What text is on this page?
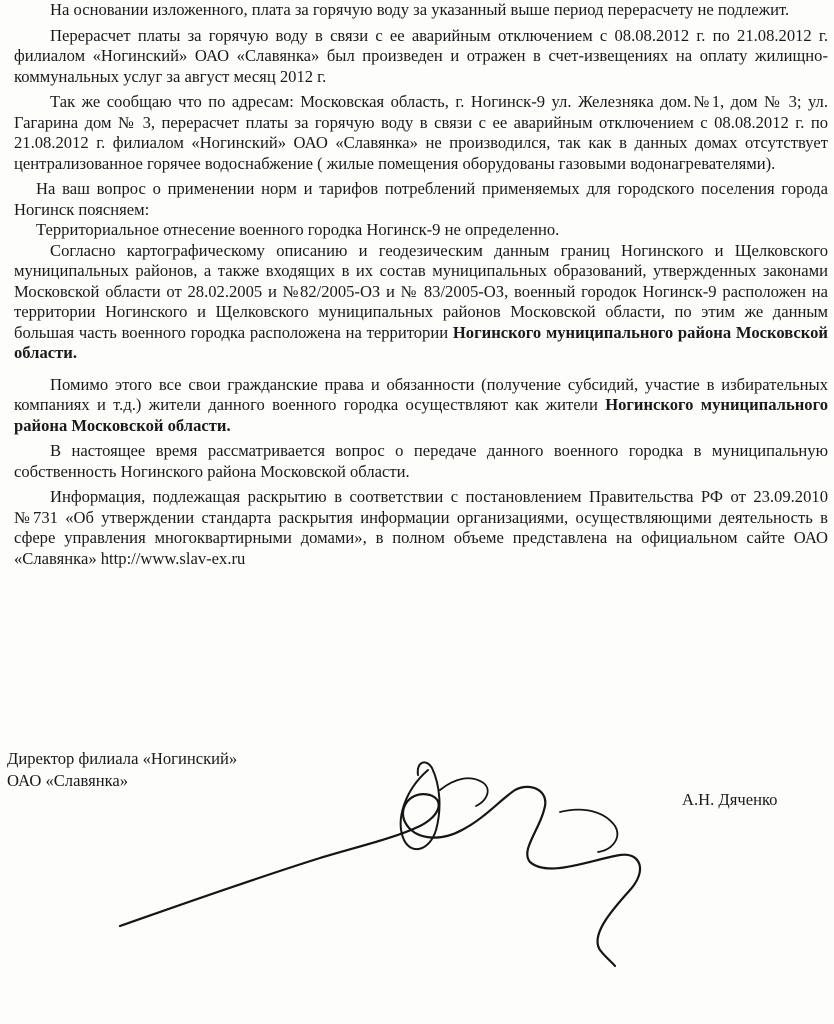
На основании изложенного, плата за горячую воду за указанный выше период перерасчету не подлежит.

Перерасчет платы за горячую воду в связи с ее аварийным отключением с 08.08.2012 г. по 21.08.2012 г. филиалом «Ногинский» ОАО «Славянка» был произведен и отражен в счет-извещениях на оплату жилищно-коммунальных услуг за август месяц 2012 г.

Так же сообщаю что по адресам: Московская область, г. Ногинск-9 ул. Железнякa дом.№1, дом № 3; ул. Гагарина дом № 3, перерасчет платы за горячую воду в связи с ее аварийным отключением с 08.08.2012 г. по 21.08.2012 г. филиалом «Ногинский» ОАО «Славянка» не производился, так как в данных домах отсутствует централизованное горячее водоснабжение ( жилые помещения оборудованы газовыми водонагревателями).

На ваш вопрос о применении норм и тарифов потреблений применяемых для городского поселения города Ногинск поясняем:

Территориальное отнесение военного городка Ногинск-9 не определенно.

Согласно картографическому описанию и геодезическим данным границ Ногинского и Щелковского муниципальных районов, а также входящих в их состав муниципальных образований, утвержденных законами Московской области от 28.02.2005 и №82/2005-ОЗ и № 83/2005-ОЗ, военный городок Ногинск-9 расположен на территории Ногинского и Щелковского муниципальных районов Московской области, по этим же данным большая часть военного городка расположена на территории Ногинского муниципального района Московской области.

Помимо этого все свои гражданские права и обязанности (получение субсидий, участие в избирательных компаниях и т.д.) жители данного военного городка осуществляют как жители Ногинского муниципального района Московской области.

В настоящее время рассматривается вопрос о передаче данного военного городка в муниципальную собственность Ногинского района Московской области.

Информация, подлежащая раскрытию в соответствии с постановлением Правительства РФ от 23.09.2010 №731 «Об утверждении стандарта раскрытия информации организациями, осуществляющими деятельность в сфере управления многоквартирными домами», в полном объеме представлена на официальном сайте ОАО «Славянка» http://www.slav-ex.ru

Директор филиала «Ногинский»
ОАО «Славянка»
А.Н. Дяченко
